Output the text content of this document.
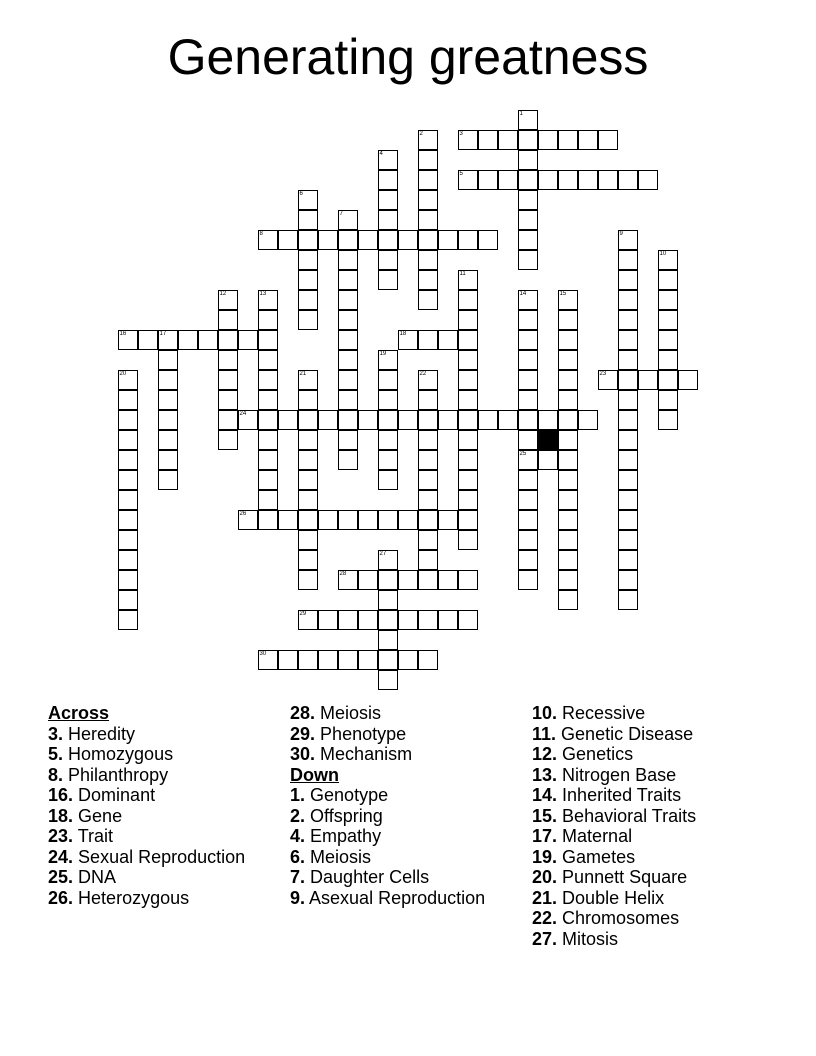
Generating greatness
3
5
8
16	17	18
23
24
25
26
28
29
30
1
2
4
6
7
9
10
11
12	13	14	15
19
20	21	22
27
Across
3. Heredity
5. Homozygous
8. Philanthropy
16. Dominant
18. Gene
23. Trait
24. Sexual Reproduction
25. DNA
26. Heterozygous
28. Meiosis
29. Phenotype
30. Mechanism
Down
1. Genotype
2. Offspring
4. Empathy
6. Meiosis
7. Daughter Cells
9. Asexual Reproduction
10. Recessive
11. Genetic Disease
12. Genetics
13. Nitrogen Base
14. Inherited Traits
15. Behavioral Traits
17. Maternal
19. Gametes
20. Punnett Square
21. Double Helix
22. Chromosomes
27. Mitosis
